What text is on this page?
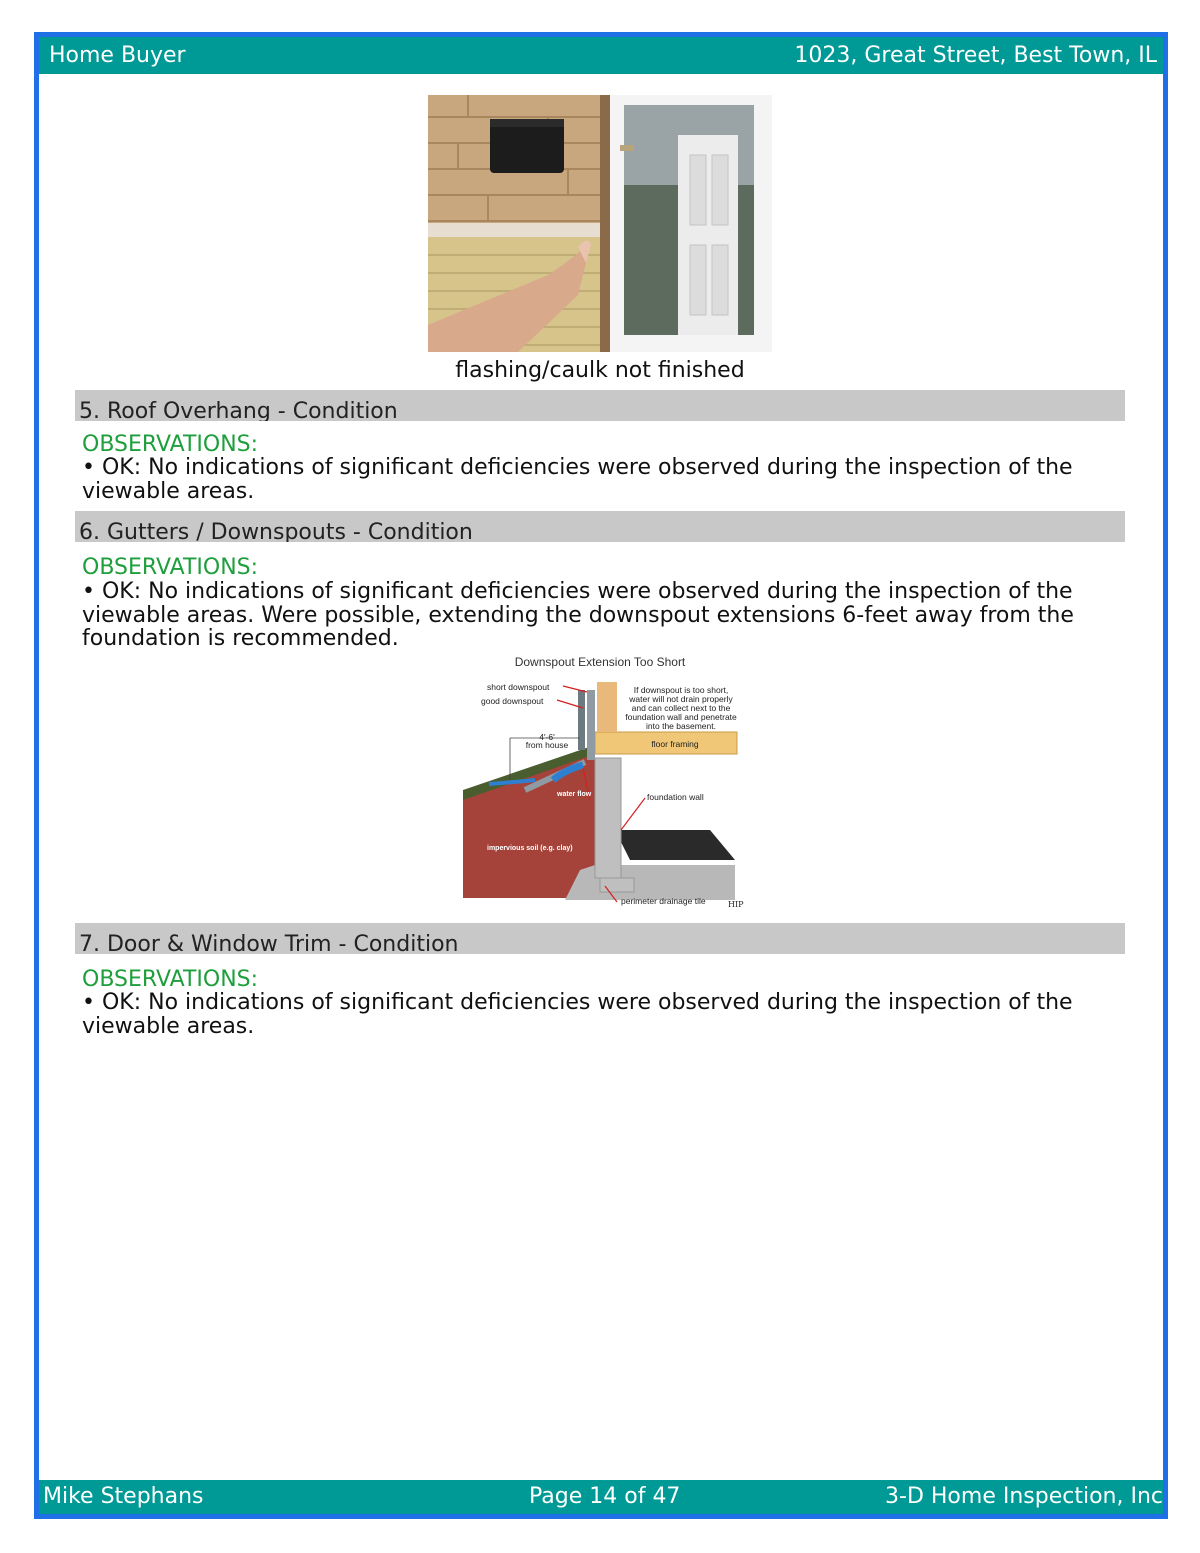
Home Buyer	1023, Great Street, Best Town, IL
flashing/caulk not finished
5. Roof Overhang - Condition
OBSERVATIONS:
• OK: No indications of significant deficiencies were observed during the inspection of the viewable areas.
6. Gutters / Downspouts - Condition
OBSERVATIONS:
• OK: No indications of significant deficiencies were observed during the inspection of the viewable areas. Were possible, extending the downspout extensions 6-feet away from the foundation is recommended.
Downspout Extension Too Short
short downspout
good downspout
If downspout is too short,
water will not drain properly
and can collect next to the
foundation wall and penetrate
into the basement.
4'-6'
from house	floor framing
foundation wall
perimeter drainage tile
water flow
impervious soil (e.g. clay)
HIP
7. Door & Window Trim - Condition
OBSERVATIONS:
• OK: No indications of significant deficiencies were observed during the inspection of the viewable areas.
Mike Stephans	Page 14 of 47	3-D Home Inspection, Inc
